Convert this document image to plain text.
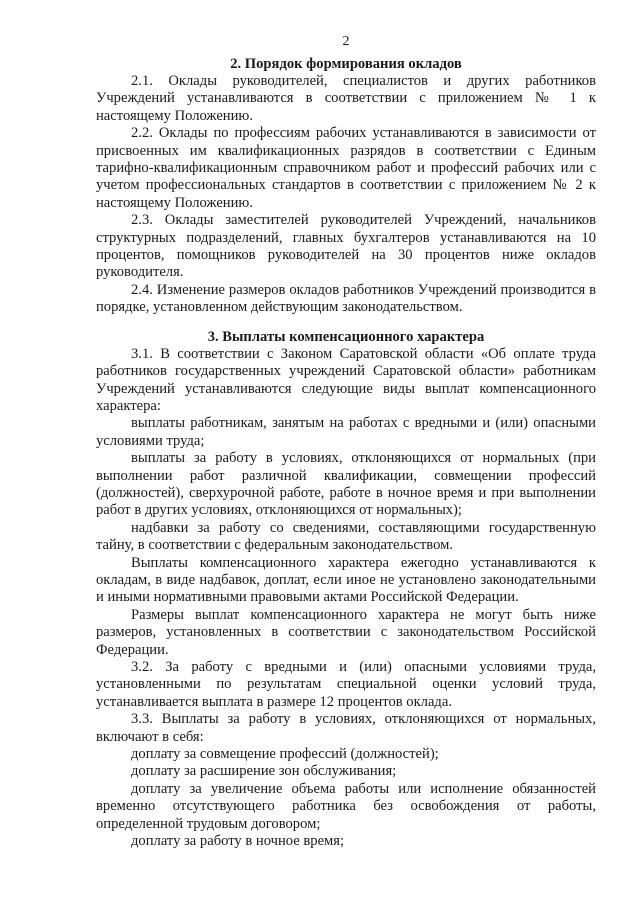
2

2. Порядок формирования окладов

2.1. Оклады руководителей, специалистов и других работников Учреждений устанавливаются в соответствии с приложением № 1 к настоящему Положению.

2.2. Оклады по профессиям рабочих устанавливаются в зависимости от присвоенных им квалификационных разрядов в соответствии с Единым тарифно-квалификационным справочником работ и профессий рабочих или с учетом профессиональных стандартов в соответствии с приложением № 2 к настоящему Положению.

2.3. Оклады заместителей руководителей Учреждений, начальников структурных подразделений, главных бухгалтеров устанавливаются на 10 процентов, помощников руководителей на 30 процентов ниже окладов руководителя.

2.4. Изменение размеров окладов работников Учреждений производится в порядке, установленном действующим законодательством.

3. Выплаты компенсационного характера

3.1. В соответствии с Законом Саратовской области «Об оплате труда работников государственных учреждений Саратовской области» работникам Учреждений устанавливаются следующие виды выплат компенсационного характера:

выплаты работникам, занятым на работах с вредными и (или) опасными условиями труда;

выплаты за работу в условиях, отклоняющихся от нормальных (при выполнении работ различной квалификации, совмещении профессий (должностей), сверхурочной работе, работе в ночное время и при выполнении работ в других условиях, отклоняющихся от нормальных);

надбавки за работу со сведениями, составляющими государственную тайну, в соответствии с федеральным законодательством.

Выплаты компенсационного характера ежегодно устанавливаются к окладам, в виде надбавок, доплат, если иное не установлено законодательными и иными нормативными правовыми актами Российской Федерации.

Размеры выплат компенсационного характера не могут быть ниже размеров, установленных в соответствии с законодательством Российской Федерации.

3.2. За работу с вредными и (или) опасными условиями труда, установленными по результатам специальной оценки условий труда, устанавливается выплата в размере 12 процентов оклада.

3.3. Выплаты за работу в условиях, отклоняющихся от нормальных, включают в себя:

доплату за совмещение профессий (должностей);

доплату за расширение зон обслуживания;

доплату за увеличение объема работы или исполнение обязанностей временно отсутствующего работника без освобождения от работы, определенной трудовым договором;

доплату за работу в ночное время;
